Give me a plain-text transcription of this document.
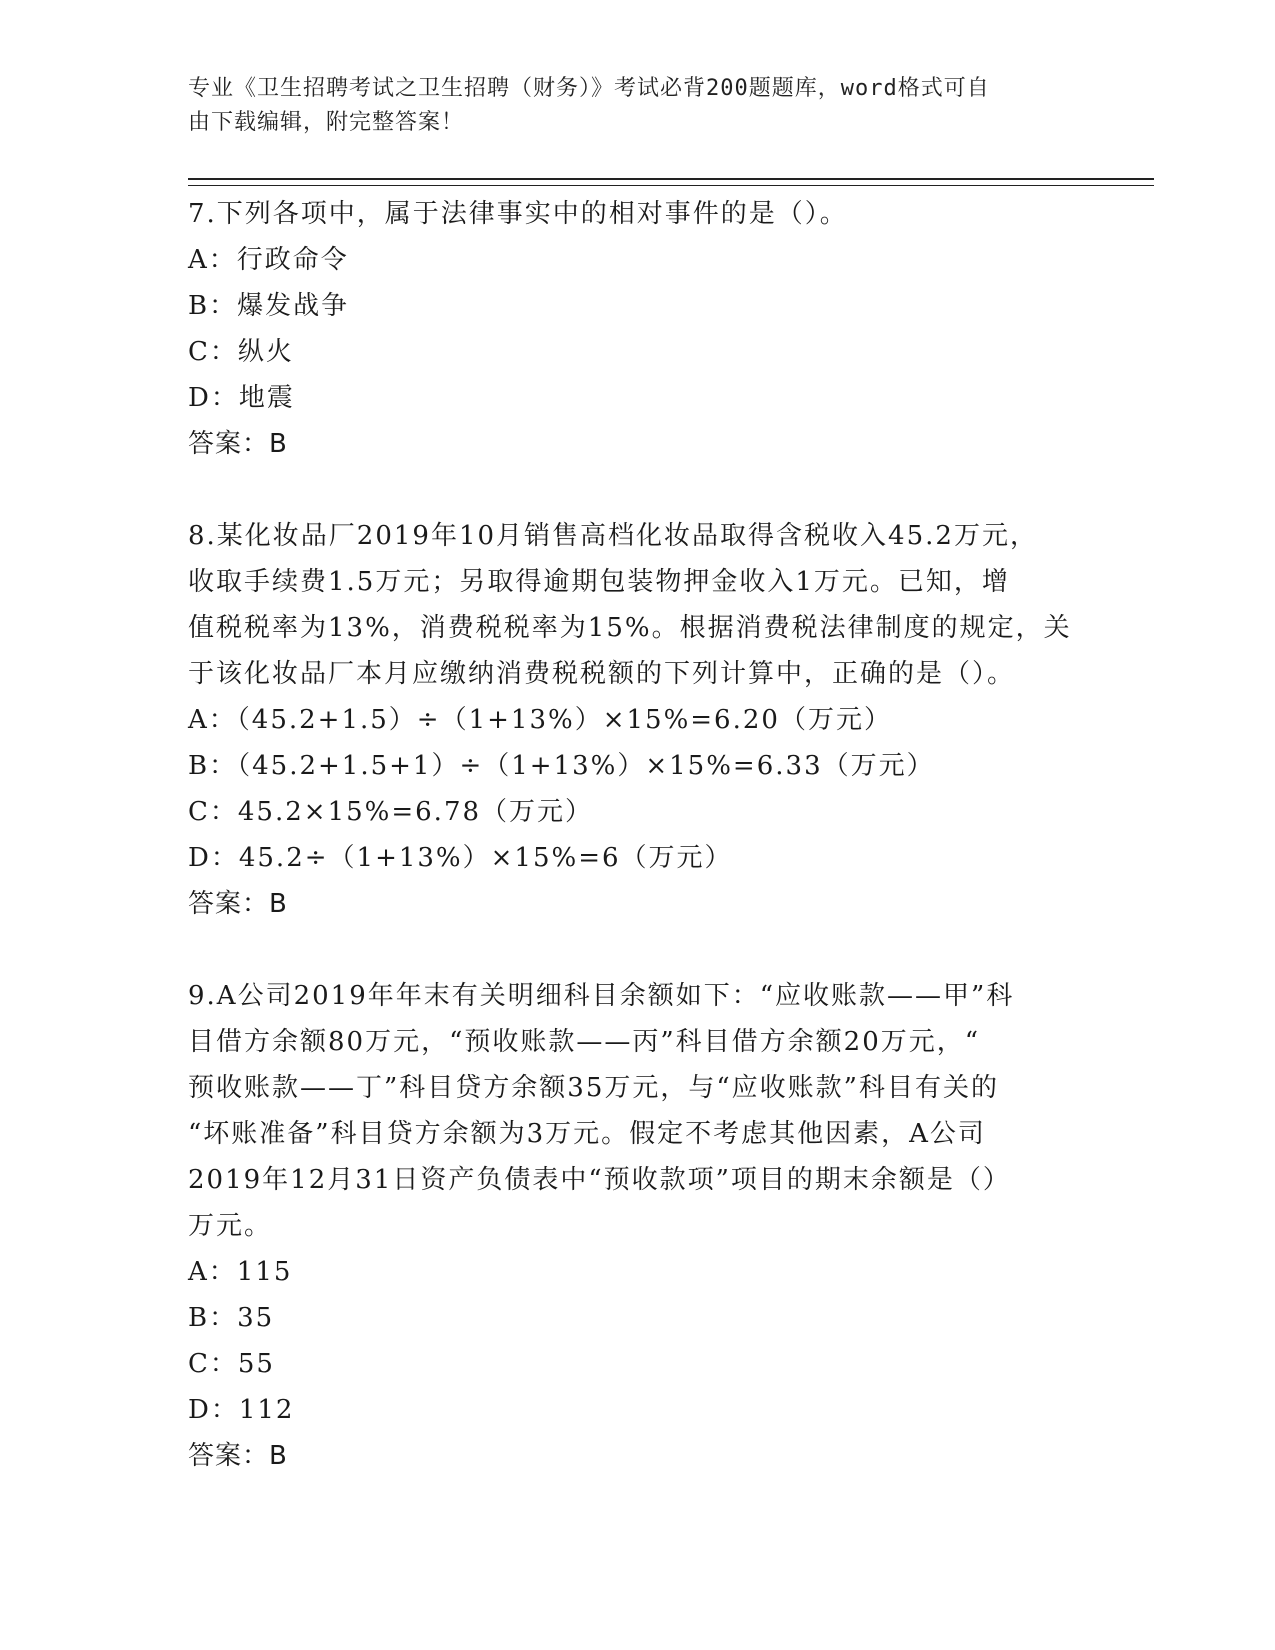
专业《卫生招聘考试之卫生招聘（财务）》考试必背200题题库，word格式可自
由下载编辑，附完整答案！

7.下列各项中，属于法律事实中的相对事件的是（）。

A：行政命令

B：爆发战争

C：纵火

D：地震

答案：B

8.某化妆品厂2019年10月销售高档化妆品取得含税收入45.2万元，

收取手续费1.5万元；另取得逾期包装物押金收入1万元。已知，增

值税税率为13%，消费税税率为15%。根据消费税法律制度的规定，关

于该化妆品厂本月应缴纳消费税税额的下列计算中，正确的是（）。

A：（45.2+1.5）÷（1+13%）×15%=6.20（万元）

B：（45.2+1.5+1）÷（1+13%）×15%=6.33（万元）

C：45.2×15%=6.78（万元）

D：45.2÷（1+13%）×15%=6（万元）

答案：B

9.A公司2019年年末有关明细科目余额如下：“应收账款——甲”科

目借方余额80万元，“预收账款——丙”科目借方余额20万元，“

预收账款——丁”科目贷方余额35万元，与“应收账款”科目有关的

“坏账准备”科目贷方余额为3万元。假定不考虑其他因素，A公司

2019年12月31日资产负债表中“预收款项”项目的期末余额是（）

万元。

A：115

B：35

C：55

D：112

答案：B
